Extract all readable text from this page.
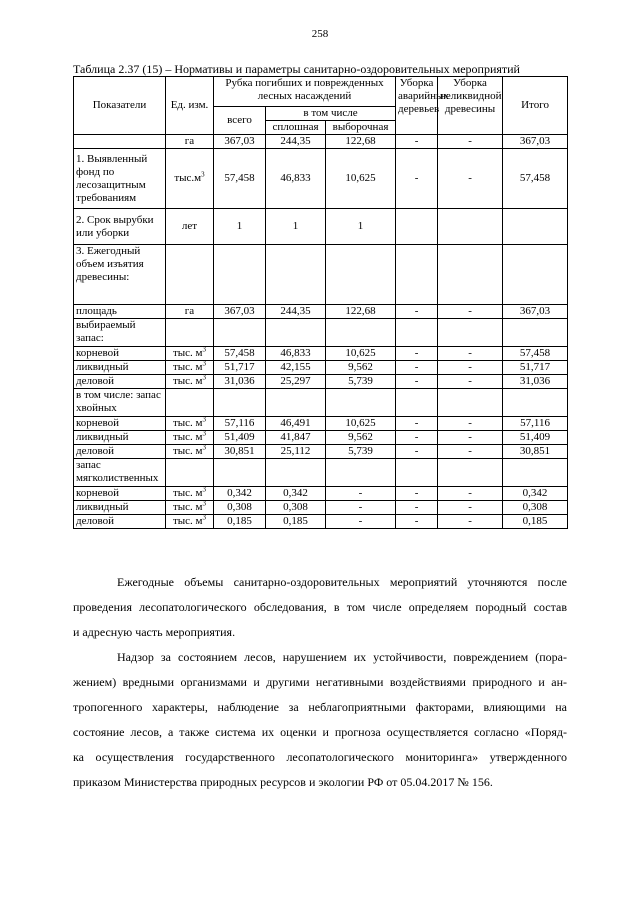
258
Таблица 2.37 (15) – Нормативы и параметры санитарно-оздоровительных мероприятий
Показатели	Ед. изм.	Рубка погибших и поврежденных лесных насаждений			Уборка аварийных деревьев	Уборка неликвидной древесины	Итого
		всего	в том числе				
			сплошная	выборочная			
	га	367,03	244,35	122,68	-	-	367,03
1. Выявленный фонд по лесозащитным требованиям	$тыс.м^3$	57,458	46,833	10,625	-	-	57,458
2. Срок вырубки или уборки	лет	1	1	1			
3. Ежегодный объем изъятия древесины:							
площадь	га	367,03	244,35	122,68	-	-	367,03
выбираемый запас:							
корневой	тыс. $м^3$	57,458	46,833	10,625	-	-	57,458
ликвидный	тыс. $м^3$	51,717	42,155	9,562	-	-	51,717
деловой	тыс. $м^3$	31,036	25,297	5,739	-	-	31,036
в том числе: запас хвойных							
корневой	тыс. $м^3$	57,116	46,491	10,625	-	-	57,116
ликвидный	тыс. $м^3$	51,409	41,847	9,562	-	-	51,409
деловой	тыс. $м^3$	30,851	25,112	5,739	-	-	30,851
запас мягколиственных							
корневой	тыс. $м^3$	0,342	0,342	-	-	-	0,342
ликвидный	тыс. $м^3$	0,308	0,308	-	-	-	0,308
деловой	тыс. $м^3$	0,185	0,185	-	-	-	0,185

Ежегодные объемы санитарно-оздоровительных мероприятий уточняются после
проведения лесопатологического обследования, в том числе определяем породный состав
и адресную часть мероприятия.

Надзор за состоянием лесов, нарушением их устойчивости, повреждением (пора-
жением) вредными организмами и другими негативными воздействиями природного и ан-
тропогенного характеры, наблюдение за неблагоприятными факторами, влияющими на
состояние лесов, а также система их оценки и прогноза осуществляется согласно «Поряд-
ка осуществления государственного лесопатологического мониторинга» утвержденного
приказом Министерства природных ресурсов и экологии РФ от 05.04.2017 № 156.
